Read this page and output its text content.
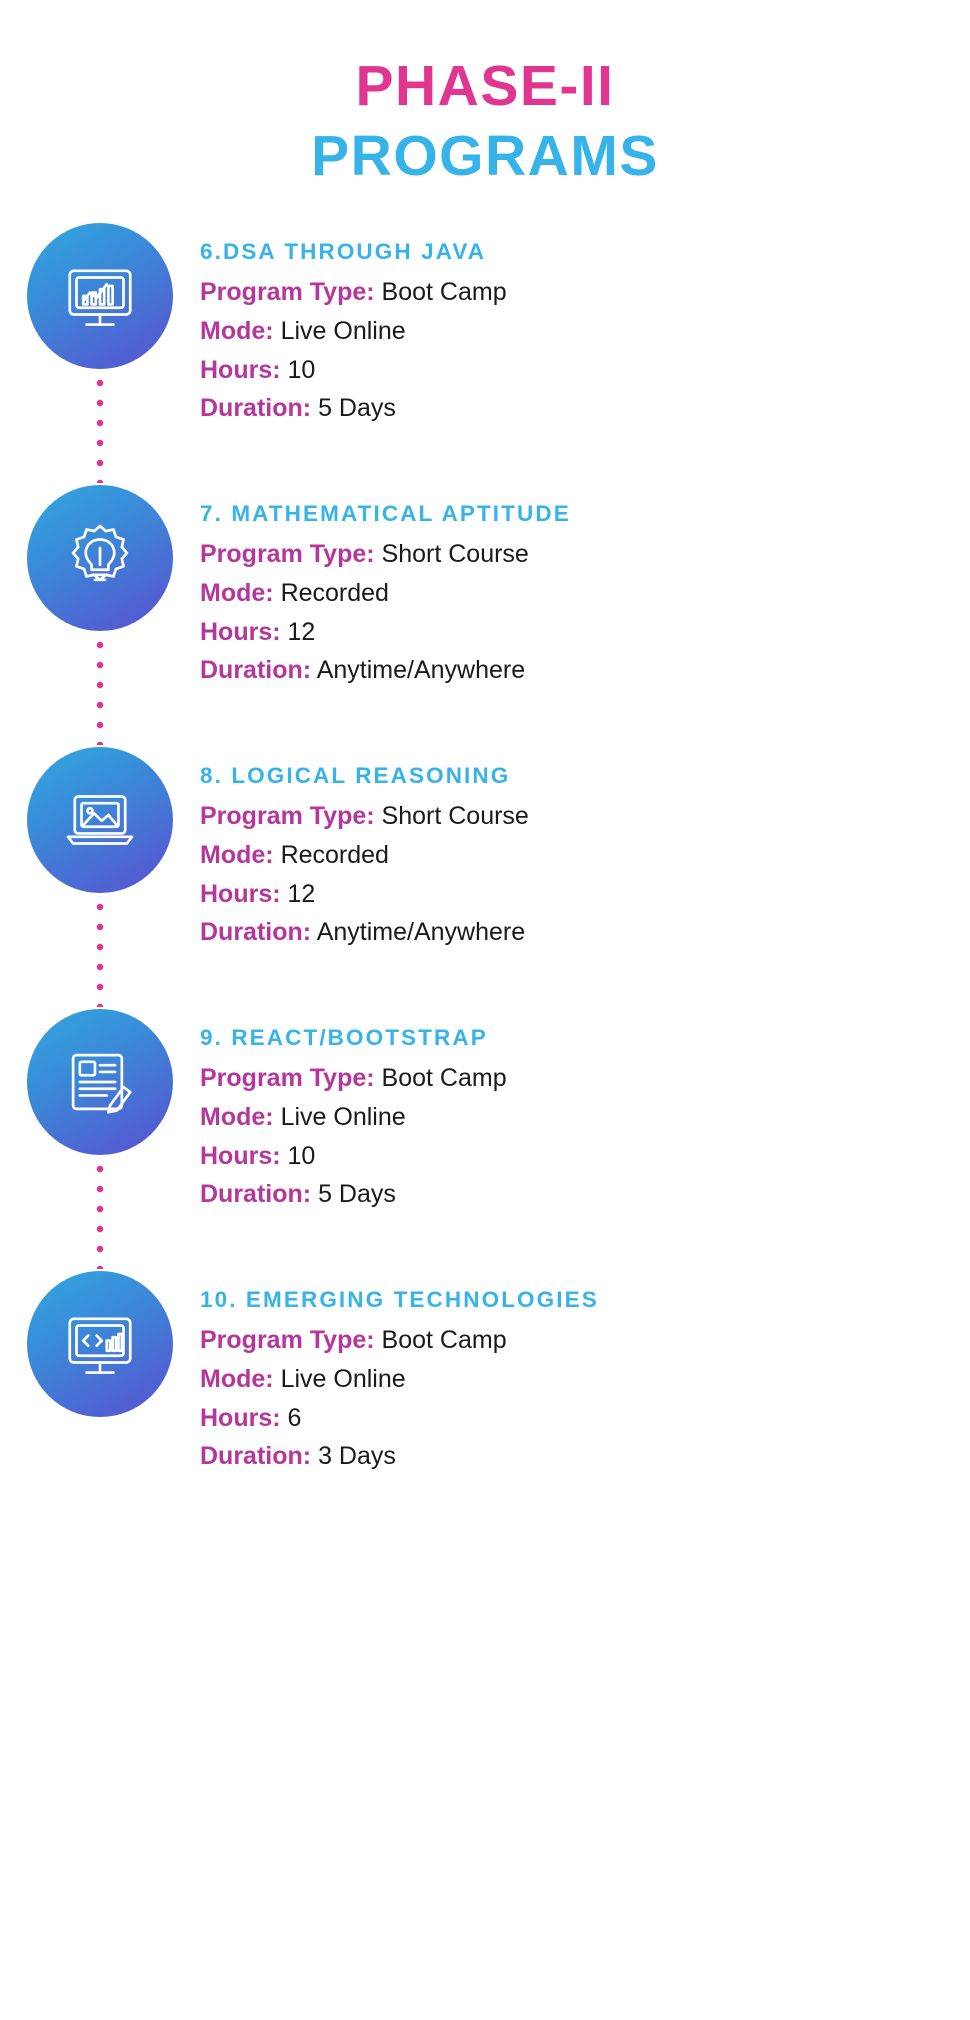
PHASE-II
PROGRAMS
6.DSA THROUGH JAVA
Program Type: Boot Camp
Mode: Live Online
Hours: 10
Duration: 5 Days
7. MATHEMATICAL APTITUDE
Program Type: Short Course
Mode: Recorded
Hours: 12
Duration: Anytime/Anywhere
8. LOGICAL REASONING
Program Type: Short Course
Mode: Recorded
Hours: 12
Duration: Anytime/Anywhere
9. REACT/BOOTSTRAP
Program Type: Boot Camp
Mode: Live Online
Hours: 10
Duration: 5 Days
10. EMERGING TECHNOLOGIES
Program Type: Boot Camp
Mode: Live Online
Hours: 6
Duration: 3 Days
